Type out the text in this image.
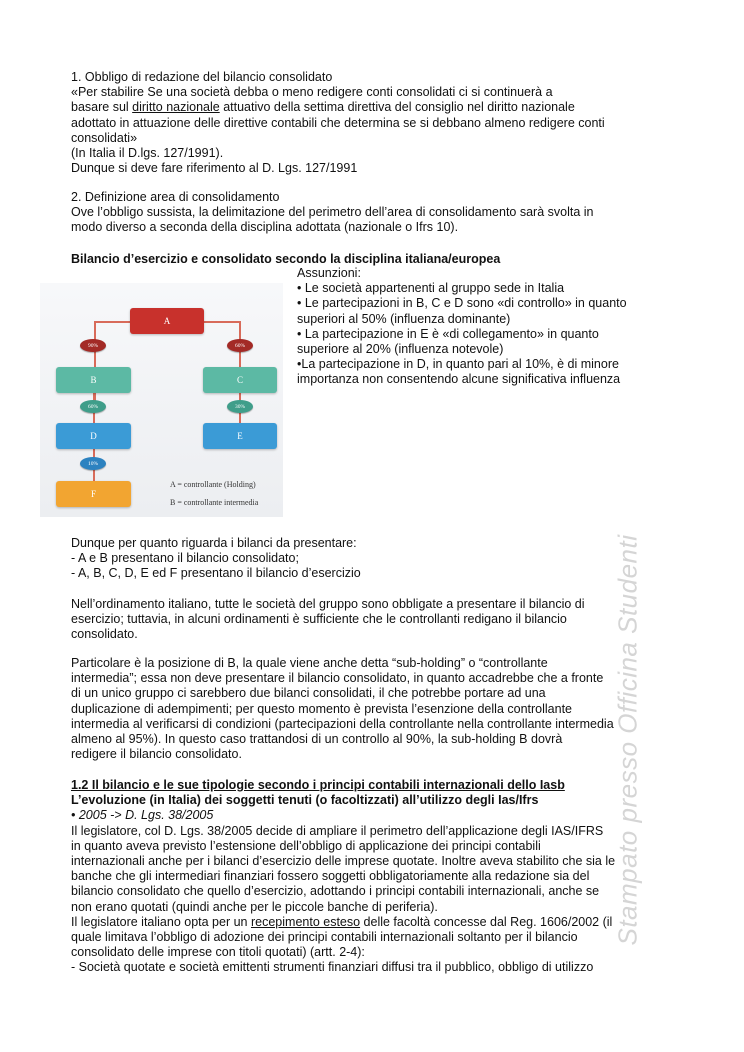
Stampato presso Officina Studenti
1. Obbligo di redazione del bilancio consolidato
«Per stabilire Se una società debba o meno redigere conti consolidati ci si continuerà a
basare sul diritto nazionale attuativo della settima direttiva del consiglio nel diritto nazionale
adottato in attuazione delle direttive contabili che determina se si debbano almeno redigere conti
consolidati»
(In Italia il D.lgs. 127/1991).
Dunque si deve fare riferimento al D. Lgs. 127/1991
2. Definizione area di consolidamento
Ove l’obbligo sussista, la delimitazione del perimetro dell’area di consolidamento sarà svolta in
modo diverso a seconda della disciplina adottata (nazionale o Ifrs 10).
Bilancio d’esercizio e consolidato secondo la disciplina italiana/europea
Assunzioni:
• Le società appartenenti al gruppo sede in Italia
• Le partecipazioni in B, C e D sono «di controllo» in quanto
superiori al 50% (influenza dominante)
• La partecipazione in E è «di collegamento» in quanto
superiore al 20% (influenza notevole)
•La partecipazione in D, in quanto pari al 10%, è di minore
importanza non consentendo alcune significativa influenza
A
B	C
D	E
F
90%	60%
60%	30%
10%
A = controllante (Holding)
B = controllante intermedia
Dunque per quanto riguarda i bilanci da presentare:
- A e B presentano il bilancio consolidato;
- A, B, C, D, E ed F presentano il bilancio d’esercizio
Nell’ordinamento italiano, tutte le società del gruppo sono obbligate a presentare il bilancio di
esercizio; tuttavia, in alcuni ordinamenti è sufficiente che le controllanti redigano il bilancio
consolidato.
Particolare è la posizione di B, la quale viene anche detta “sub-holding” o “controllante
intermedia”; essa non deve presentare il bilancio consolidato, in quanto accadrebbe che a fronte
di un unico gruppo ci sarebbero due bilanci consolidati, il che potrebbe portare ad una
duplicazione di adempimenti; per questo momento è prevista l’esenzione della controllante
intermedia al verificarsi di condizioni (partecipazioni della controllante nella controllante intermedia
almeno al 95%). In questo caso trattandosi di un controllo al 90%, la sub-holding B dovrà
redigere il bilancio consolidato.
1.2 Il bilancio e le sue tipologie secondo i principi contabili internazionali dello Iasb
L’evoluzione (in Italia) dei soggetti tenuti (o facoltizzati) all’utilizzo degli Ias/Ifrs
• 2005 -> D. Lgs. 38/2005
Il legislatore, col D. Lgs. 38/2005 decide di ampliare il perimetro dell’applicazione degli IAS/IFRS
in quanto aveva previsto l’estensione dell’obbligo di applicazione dei principi contabili
internazionali anche per i bilanci d’esercizio delle imprese quotate. Inoltre aveva stabilito che sia le
banche che gli intermediari finanziari fossero soggetti obbligatoriamente alla redazione sia del
bilancio consolidato che quello d’esercizio, adottando i principi contabili internazionali, anche se
non erano quotati (quindi anche per le piccole banche di periferia).
Il legislatore italiano opta per un recepimento esteso delle facoltà concesse dal Reg. 1606/2002 (il
quale limitava l’obbligo di adozione dei principi contabili internazionali soltanto per il bilancio
consolidato delle imprese con titoli quotati) (artt. 2-4):
- Società quotate e società emittenti strumenti finanziari diffusi tra il pubblico, obbligo di utilizzo
